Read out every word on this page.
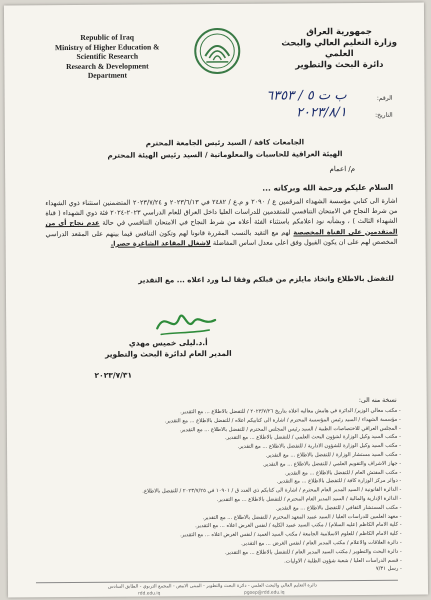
Republic of Iraq
Ministry of Higher Education &
Scientific Research
Research & Development
Department
جمهورية العراق
وزارة التعليم العالي والبحث العلمي
دائرة البحث والتطوير
الرقم:
ب ت ٥ / ٦٣٥٣
التاريخ:
٢٠٢٣/٨/١
الجامعات كافة / السيد رئيس الجامعة المحترم
الهيئة العراقية للحاسبات والمعلوماتية / السيد رئيس الهيئة المحترم
م/ اعمام
السلام عليكم ورحمة الله وبركاته ...
اشارة الى كتابي مؤسسة الشهداء المرقمين ع / ٢٠٩٠ و م.ع / ٢٤٨٢ في ٢٠٢٣/٦/١٣ و ٢٠٢٣/٧/٢٤ المتضمنين استثناء ذوي الشهداء من شرط النجاح في الامتحان التنافسي للمتقدمين للدراسات العليا داخل العراق للعام الدراسي ٢٠٢٣-٢٠٢٤ فئة ذوي الشهداء ( قناة الشهداء الثالث ) ، وبشأنه نود اعلامكم باستثناء الفئة أعلاه من شرط النجاح في الامتحان التنافسي في حالة عدم نجاح أي من المتقدمين على القناة المخصصة لهم مع التقيد بالنسب المقررة قانونا لهم وتكون التنافس فيما بينهم على المقعد الدراسي المخصص لهم على ان يكون القبول وفق اعلى معدل اساس المفاضلة لاشغال المقاعد الشاغرة حصرا.
للتفضل بالاطلاع واتخاذ مايلزم من قبلكم وفقا لما ورد اعلاه ... مع التقدير
أ.د.ليلى خميس مهدي
المدير العام لدائرة البحث والتطوير
٢٠٢٣/٧/٣١
نسخة منه الى:
- مكتب معالي الوزير/ الدائرة في هامش معاليه اعلاه بتاريخ ٢٠٢٣/٧/٢٦ / للتفضل بالاطلاع ... مع التقدير.
- مؤسسة الشهداء / السيد رئيس المؤسسة المحترم / اشارة الى كتابيكم اعلاه / للتفضل بالاطلاع ... مع التقدير.
- المجلس العراقي للاختصاصات الطبية / السيد رئيس المجلس المحترم / للتفضل بالاطلاع ... مع التقدير.
- مكتب السيد وكيل الوزارة لشؤون البحث العلمي / للتفضل بالاطلاع ... مع التقدير.
- مكتب السيد وكيل الوزارة للشؤون الادارية / للتفضل بالاطلاع ... مع التقدير.
- مكتب السيد مستشار الوزارة / للتفضل بالاطلاع ... مع التقدير.
- جهاز الاشراف والتقويم العلمي / للتفضل بالاطلاع ... مع التقدير.
- مكتب المفتش العام / للتفضل بالاطلاع ... مع التقدير.
- دوائر مركز الوزارة كافة / للتفضل بالاطلاع ... مع التقدير.
- الدائرة القانونية / السيد المدير العام المحترم / اشارة الى كتابكم ذي العدد ق / ١٠٩٠١ في ٢٠٢٣/٧/٢٥ / للتفضل بالاطلاع.
- الدائرة الإدارية والمالية / السيد المدير العام المحترم / للتفضل بالاطلاع ... مع التقدير.
- مكتب المستشار الثقافي / للتفضل بالاطلاع ... مع التقدير.
- معهد العلمين للدراسات العليا / السيد عميد المعهد المحترم / للتفضل بالاطلاع ... مع التقدير.
- كلية الامام الكاظم (عليه السلام) / مكتب السيد عميد الكلية / لنفس الغرض اعلاه ... مع التقدير.
- كلية الامام الكاظم / للعلوم الاسلامية الجامعة / مكتب السيد العميد / لنفس الغرض اعلاه ... مع التقدير.
- دائرة العلاقات والاعلام / مكتب المدير العام / لنفس الغرض ... مع التقدير.
- دائرة البحث والتطوير / مكتب السيد المدير العام / للتفضل بالاطلاع ... مع التقدير.
- قسم الدراسات العليا / شعبة شؤون الطلبة / الاوليات.
- رسل ٧/٣١
دائرة التعليم العالي والبحث العلمي - دائرة البحث والتطوير - المبنى الابيض - المجمع التربوي - الطابق السادس
rdd.edu.iq	pgoep@rdd.edu.iq
